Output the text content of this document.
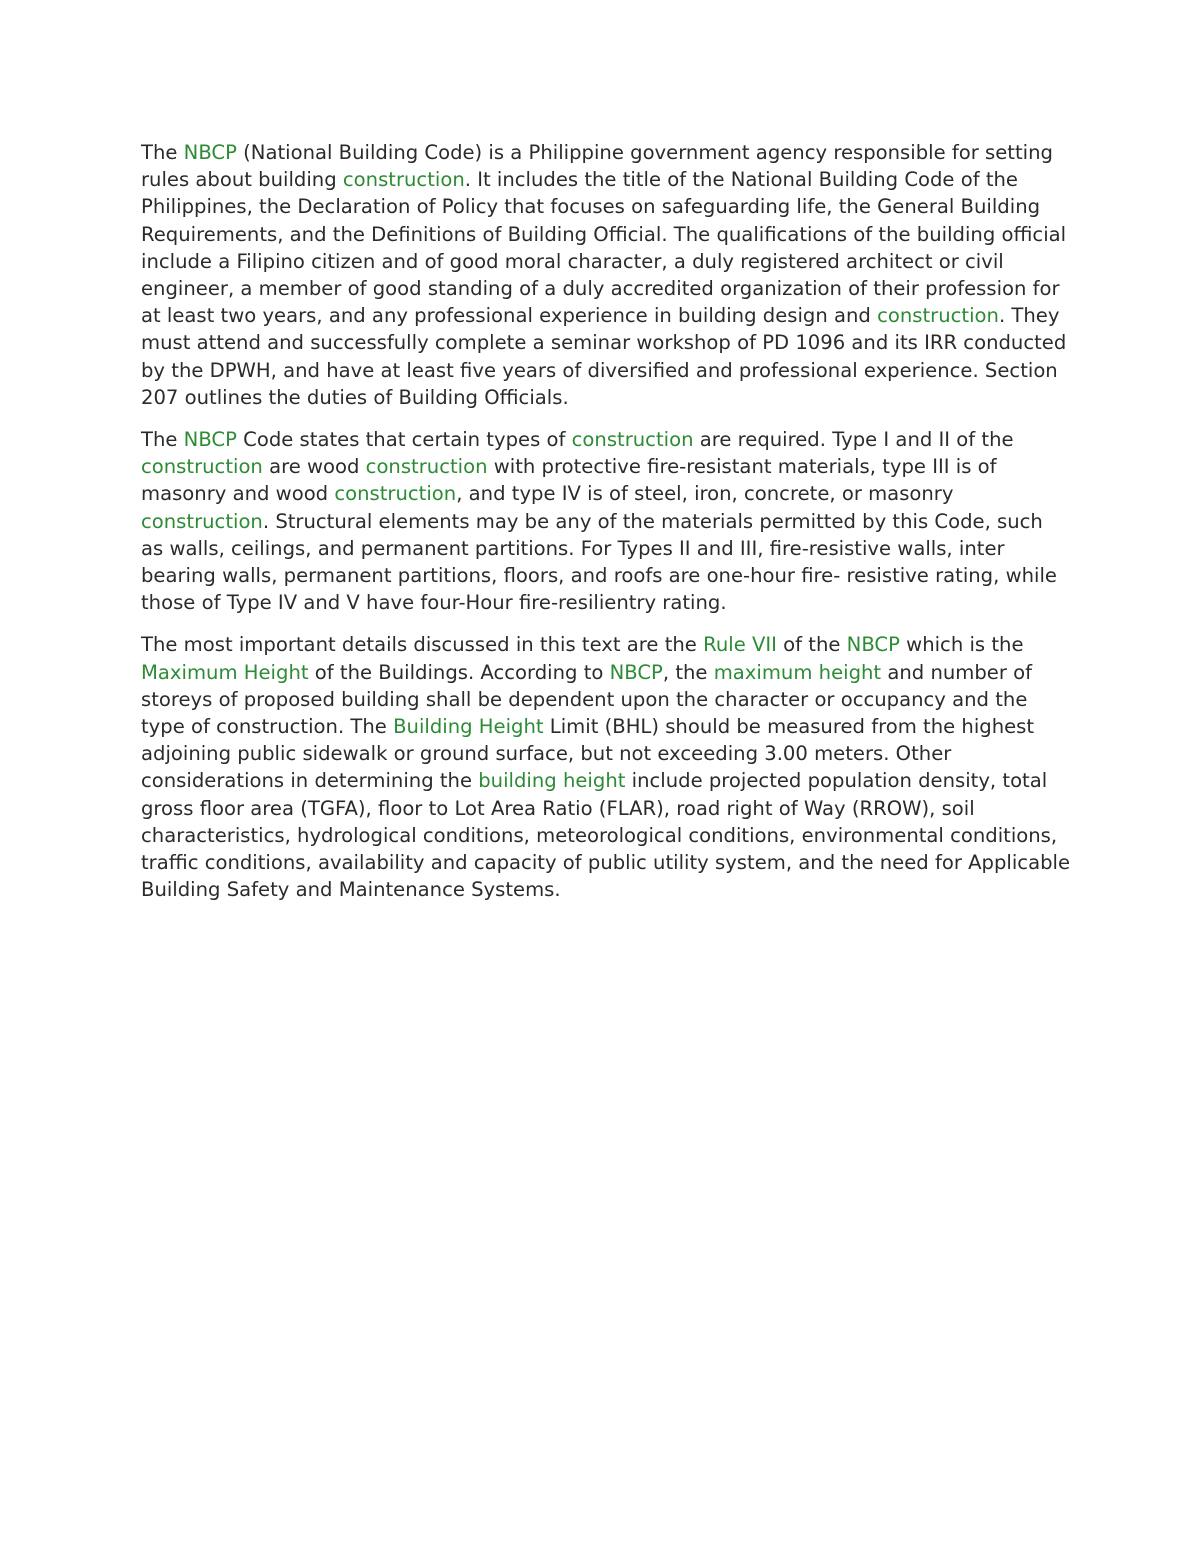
The NBCP (National Building Code) is a Philippine government agency responsible for setting rules about building construction. It includes the title of the National Building Code of the Philippines, the Declaration of Policy that focuses on safeguarding life, the General Building Requirements, and the Definitions of Building Official. The qualifications of the building official include a Filipino citizen and of good moral character, a duly registered architect or civil engineer, a member of good standing of a duly accredited organization of their profession for at least two years, and any professional experience in building design and construction. They must attend and successfully complete a seminar workshop of PD 1096 and its IRR conducted by the DPWH, and have at least five years of diversified and professional experience. Section 207 outlines the duties of Building Officials.

The NBCP Code states that certain types of construction are required. Type I and II of the construction are wood construction with protective fire-resistant materials, type III is of masonry and wood construction, and type IV is of steel, iron, concrete, or masonry construction. Structural elements may be any of the materials permitted by this Code, such as walls, ceilings, and permanent partitions. For Types II and III, fire-resistive walls, inter bearing walls, permanent partitions, floors, and roofs are one-hour fire- resistive rating, while those of Type IV and V have four-Hour fire-resilientry rating.

The most important details discussed in this text are the Rule VII of the NBCP which is the Maximum Height of the Buildings. According to NBCP, the maximum height and number of storeys of proposed building shall be dependent upon the character or occupancy and the type of construction. The Building Height Limit (BHL) should be measured from the highest adjoining public sidewalk or ground surface, but not exceeding 3.00 meters. Other considerations in determining the building height include projected population density, total gross floor area (TGFA), floor to Lot Area Ratio (FLAR), road right of Way (RROW), soil characteristics, hydrological conditions, meteorological conditions, environmental conditions, traffic conditions, availability and capacity of public utility system, and the need for Applicable Building Safety and Maintenance Systems.
